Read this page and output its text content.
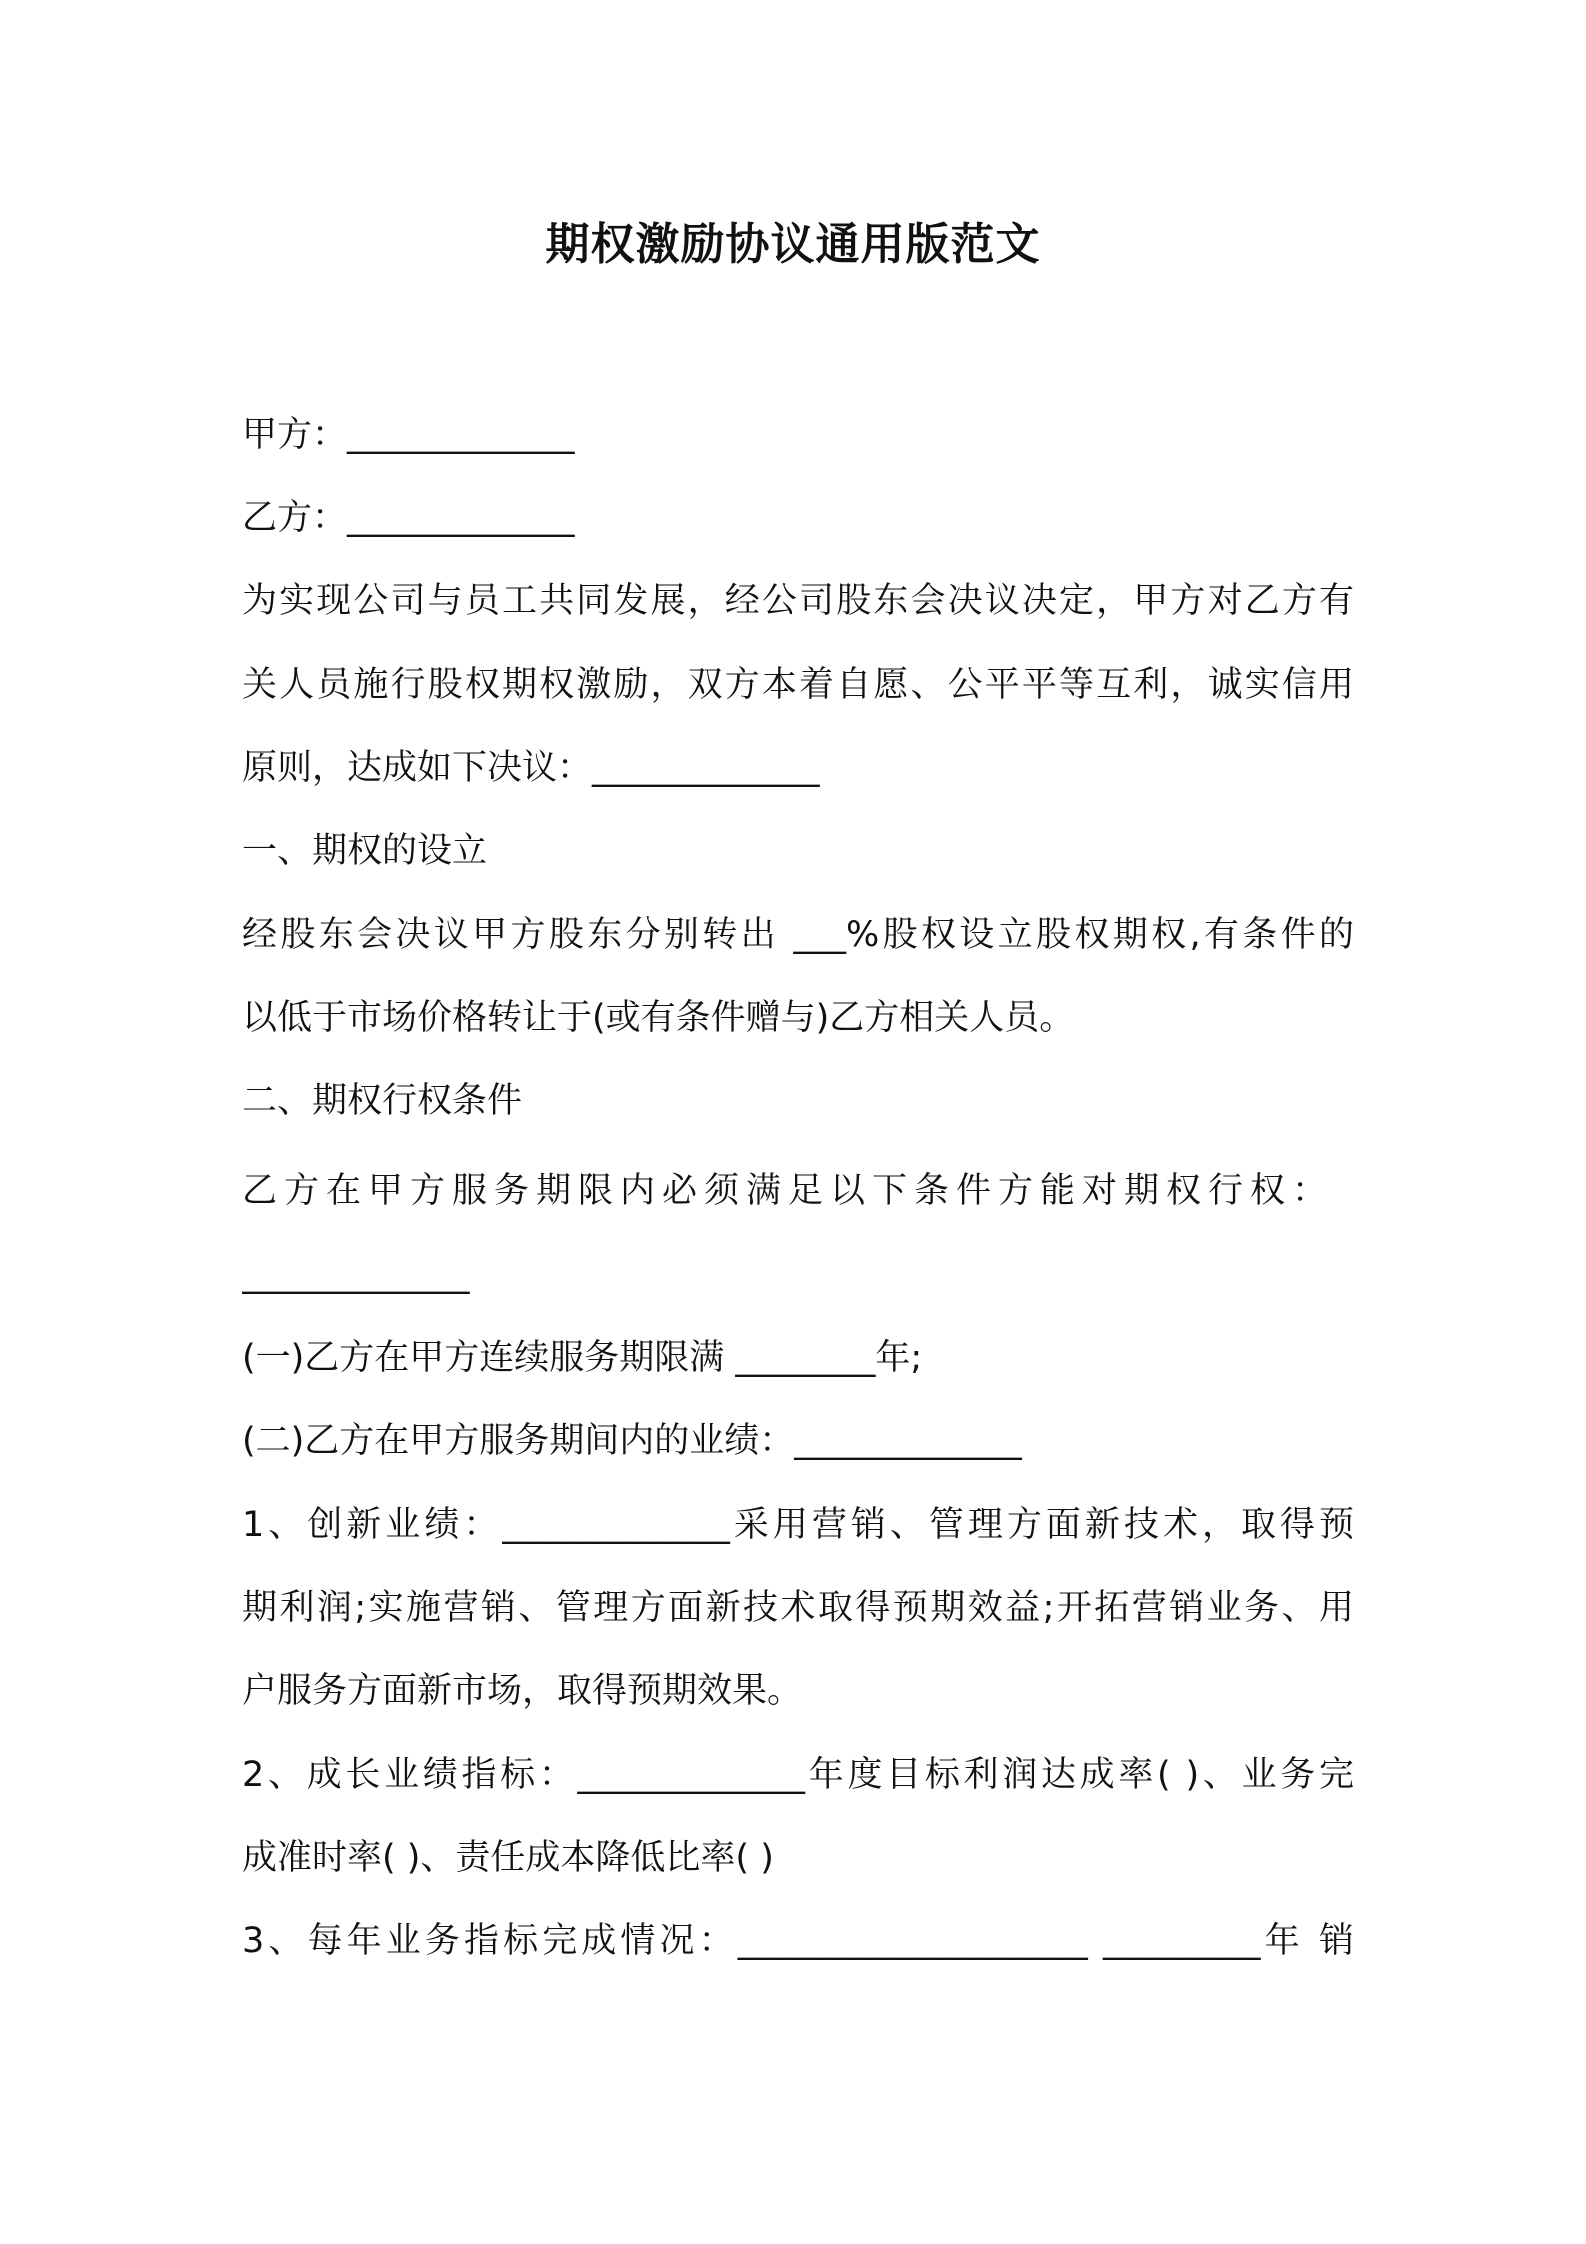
期权激励协议通用版范文
甲方：_____________
乙方：_____________
为实现公司与员工共同发展，经公司股东会决议决定，甲方对乙方有
关人员施行股权期权激励，双方本着自愿、公平平等互利，诚实信用
原则，达成如下决议：_____________
一、期权的设立
经股东会决议甲方股东分别转出 ___%股权设立股权期权,有条件的
以低于市场价格转让于(或有条件赠与)乙方相关人员。
二、期权行权条件
乙方在甲方服务期限内必须满足以下条件方能对期权行权：
_____________
(一)乙方在甲方连续服务期限满 ________年;
(二)乙方在甲方服务期间内的业绩：_____________
1、创新业绩：_____________采用营销、管理方面新技术，取得预
期利润;实施营销、管理方面新技术取得预期效益;开拓营销业务、用
户服务方面新市场，取得预期效果。
2、成长业绩指标：_____________年度目标利润达成率( )、业务完
成准时率( )、责任成本降低比率( )
3、每年业务指标完成情况：____________________ _________年 销
